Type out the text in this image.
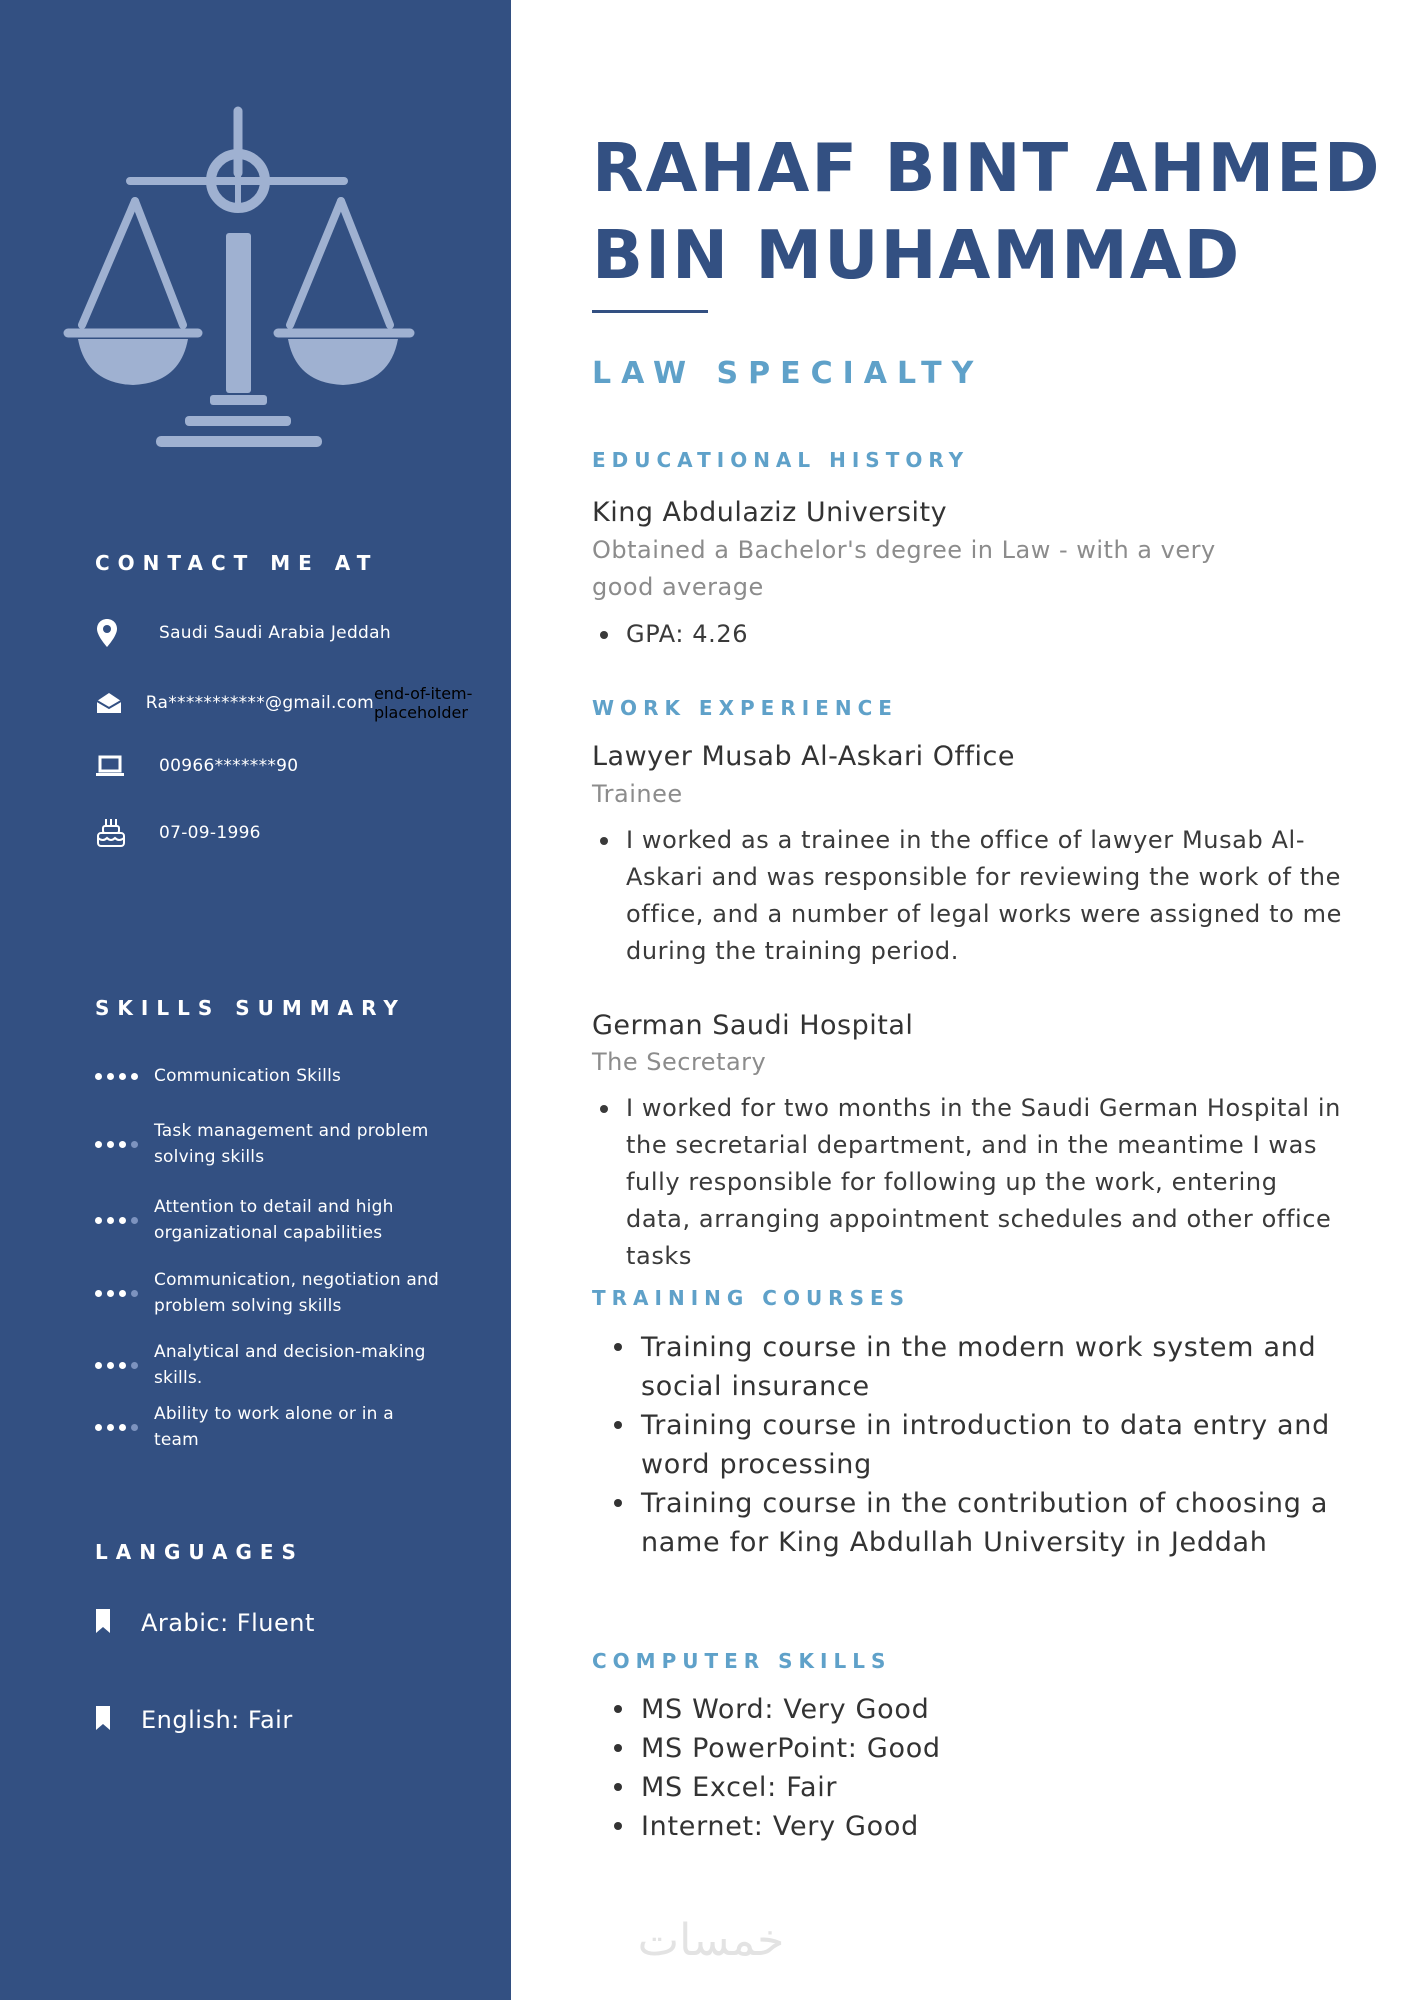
CONTACT ME AT
Saudi Saudi Arabia Jeddah
Ra***********@gmail.com end-of-item-placeholder
00966*******90
07-09-1996
SKILLS SUMMARY
Communication Skills
Task management and problem solving skills
Attention to detail and high organizational capabilities
Communication, negotiation and problem solving skills
Analytical and decision-making skills.
Ability to work alone or in a team
LANGUAGES
Arabic: Fluent
English: Fair
RAHAF BINT AHMED BIN MUHAMMAD
LAW SPECIALTY
EDUCATIONAL HISTORY

King Abdulaziz University

Obtained a Bachelor's degree in Law - with a very good average

GPA: 4.26

WORK EXPERIENCE

Lawyer Musab Al-Askari Office

Trainee

I worked as a trainee in the office of lawyer Musab Al-Askari and was responsible for reviewing the work of the office, and a number of legal works were assigned to me during the training period.

German Saudi Hospital

The Secretary

I worked for two months in the Saudi German Hospital in the secretarial department, and in the meantime I was fully responsible for following up the work, entering data, arranging appointment schedules and other office tasks

TRAINING COURSES
Training course in the modern work system and social insurance
Training course in introduction to data entry and word processing
Training course in the contribution of choosing a name for King Abdullah University in Jeddah
COMPUTER SKILLS
MS Word: Very Good
MS PowerPoint: Good
MS Excel: Fair
Internet: Very Good
خمسات
